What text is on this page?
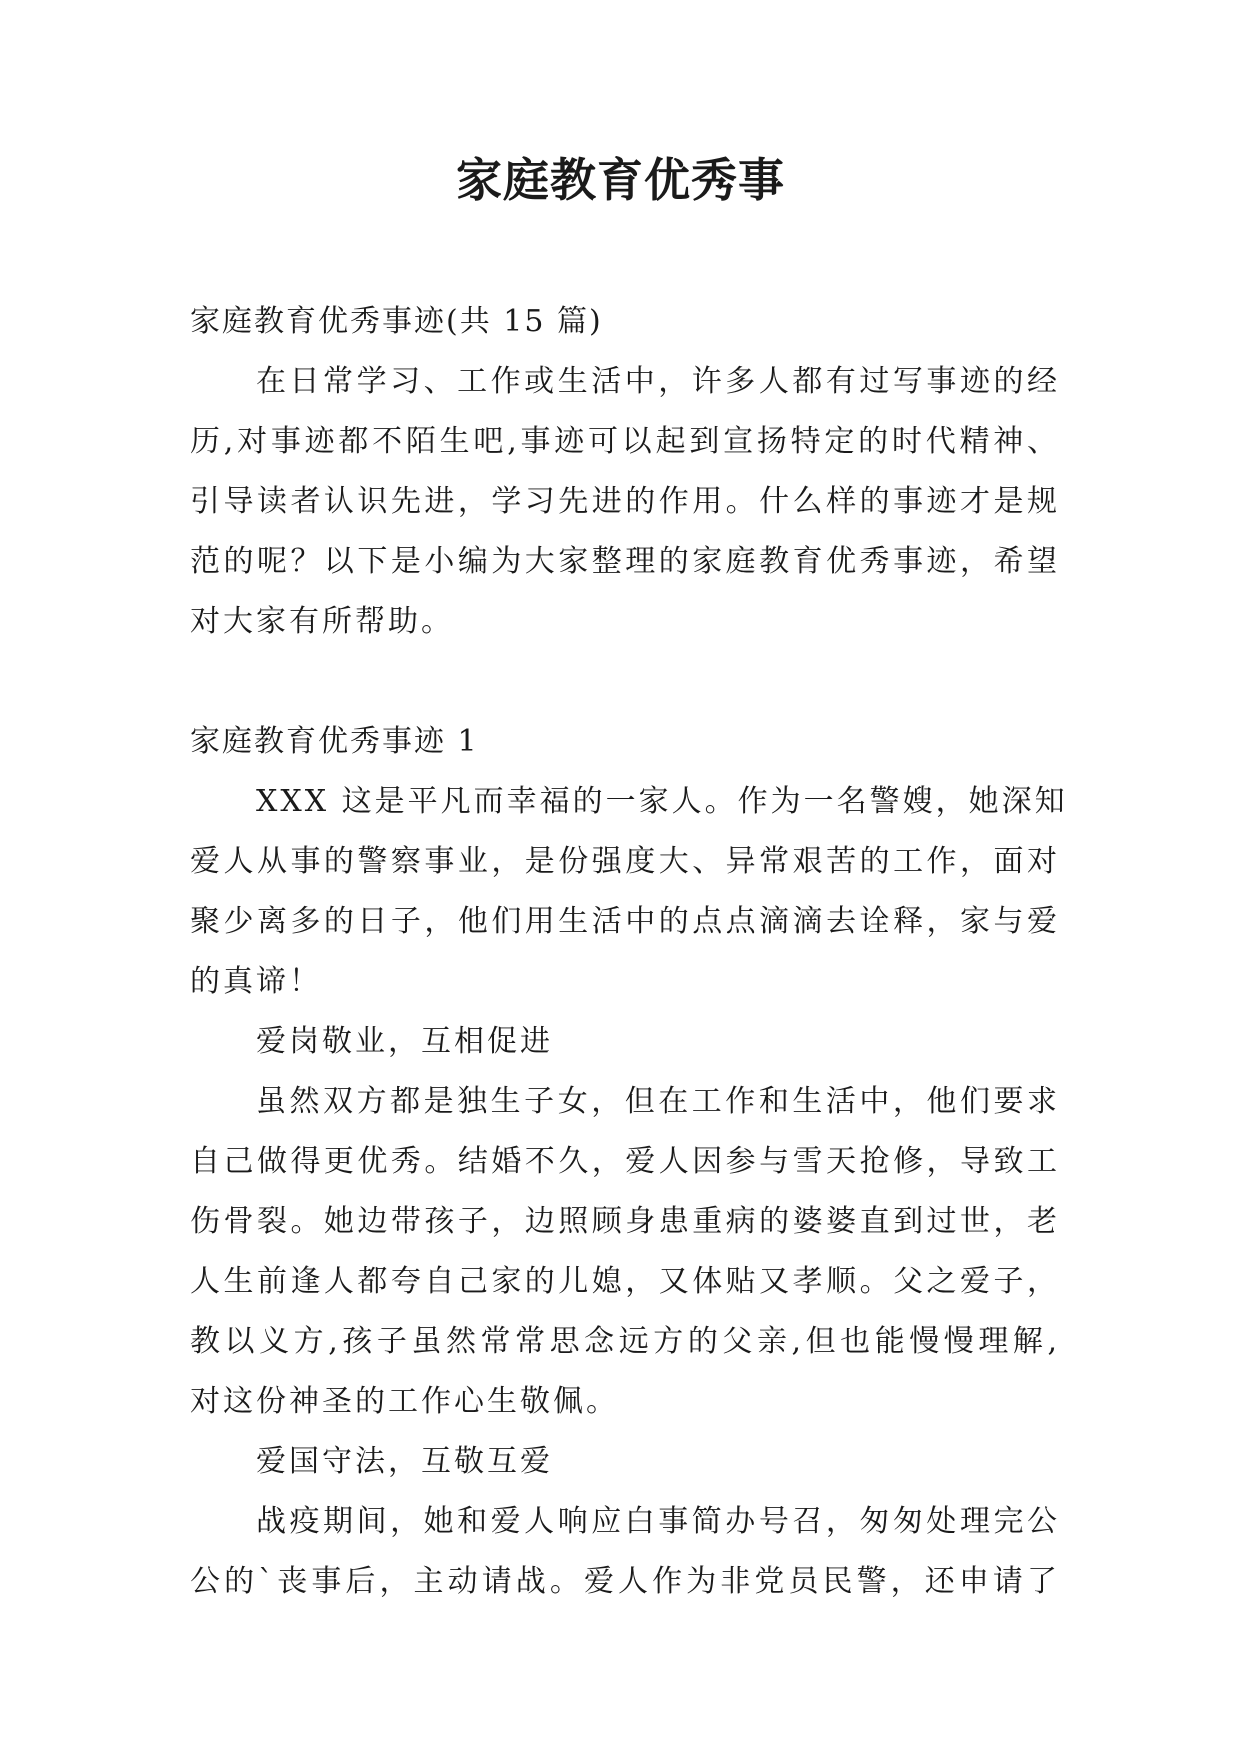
家庭教育优秀事
家庭教育优秀事迹(共 15 篇)
在日常学习、工作或生活中，许多人都有过写事迹的经
历,对事迹都不陌生吧,事迹可以起到宣扬特定的时代精神、
引导读者认识先进，学习先进的作用。什么样的事迹才是规
范的呢？以下是小编为大家整理的家庭教育优秀事迹，希望
对大家有所帮助。
家庭教育优秀事迹 1
XXX 这是平凡而幸福的一家人。作为一名警嫂，她深知
爱人从事的警察事业，是份强度大、异常艰苦的工作，面对
聚少离多的日子，他们用生活中的点点滴滴去诠释，家与爱
的真谛！
爱岗敬业，互相促进
虽然双方都是独生子女，但在工作和生活中，他们要求
自己做得更优秀。结婚不久，爱人因参与雪天抢修，导致工
伤骨裂。她边带孩子，边照顾身患重病的婆婆直到过世，老
人生前逢人都夸自己家的儿媳，又体贴又孝顺。父之爱子，
教以义方,孩子虽然常常思念远方的父亲,但也能慢慢理解,
对这份神圣的工作心生敬佩。
爱国守法，互敬互爱
战疫期间，她和爱人响应白事简办号召，匆匆处理完公
公的`丧事后，主动请战。爱人作为非党员民警，还申请了
